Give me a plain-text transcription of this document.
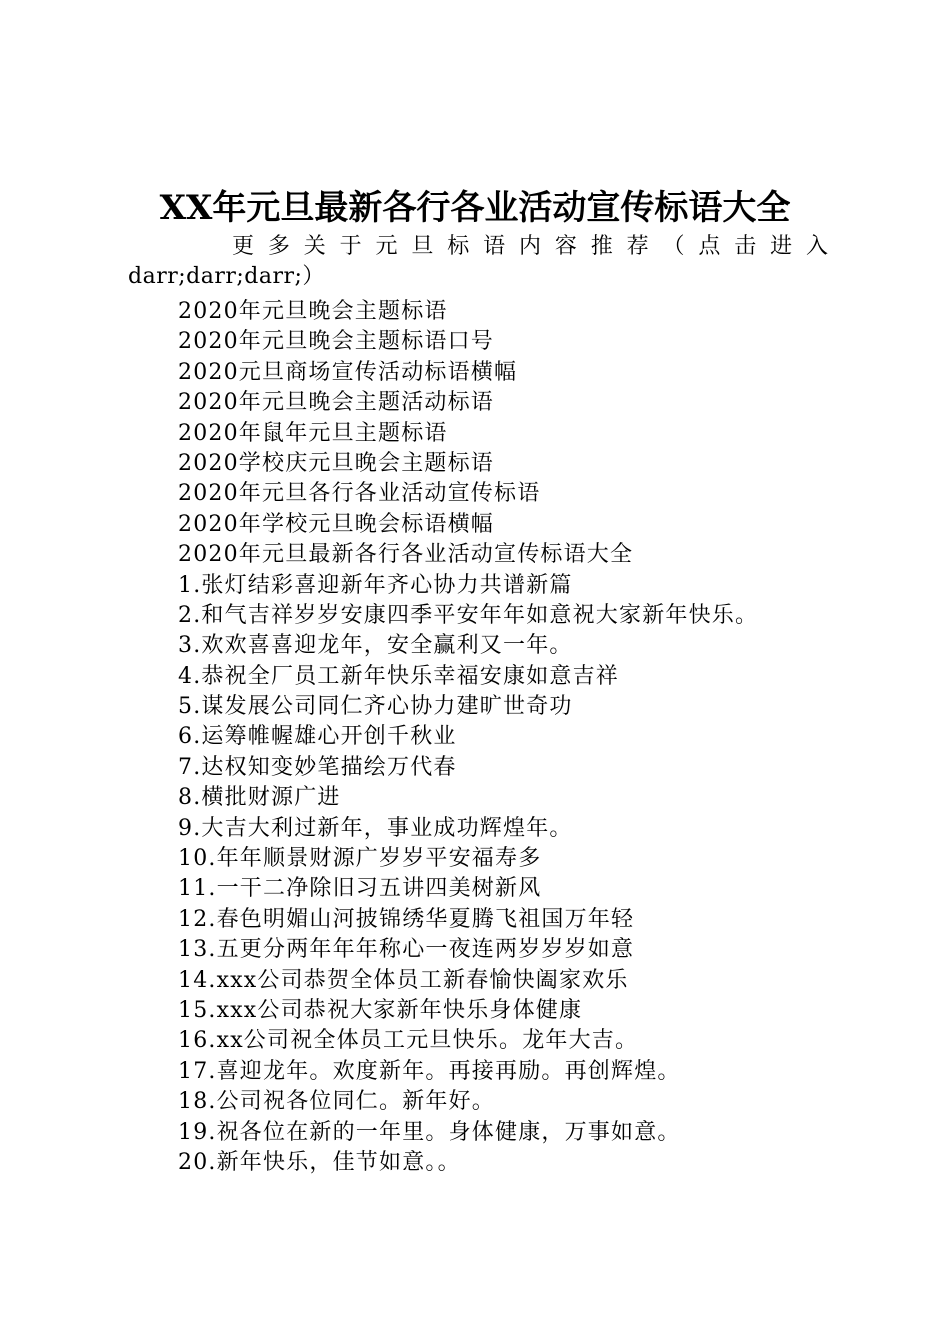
XX年元旦最新各行各业活动宣传标语大全

更多关于元旦标语内容推荐（点击进入
darr;darr;darr;）

2020年元旦晚会主题标语
2020年元旦晚会主题标语口号
2020元旦商场宣传活动标语横幅
2020年元旦晚会主题活动标语
2020年鼠年元旦主题标语
2020学校庆元旦晚会主题标语
2020年元旦各行各业活动宣传标语
2020年学校元旦晚会标语横幅
2020年元旦最新各行各业活动宣传标语大全
1.张灯结彩喜迎新年齐心协力共谱新篇
2.和气吉祥岁岁安康四季平安年年如意祝大家新年快乐。
3.欢欢喜喜迎龙年，安全赢利又一年。
4.恭祝全厂员工新年快乐幸福安康如意吉祥
5.谋发展公司同仁齐心协力建旷世奇功
6.运筹帷幄雄心开创千秋业
7.达权知变妙笔描绘万代春
8.横批财源广进
9.大吉大利过新年，事业成功辉煌年。
10.年年顺景财源广岁岁平安福寿多
11.一干二净除旧习五讲四美树新风
12.春色明媚山河披锦绣华夏腾飞祖国万年轻
13.五更分两年年年称心一夜连两岁岁岁如意
14.xxx公司恭贺全体员工新春愉快阖家欢乐
15.xxx公司恭祝大家新年快乐身体健康
16.xx公司祝全体员工元旦快乐。龙年大吉。
17.喜迎龙年。欢度新年。再接再励。再创辉煌。
18.公司祝各位同仁。新年好。
19.祝各位在新的一年里。身体健康，万事如意。
20.新年快乐，佳节如意。。
